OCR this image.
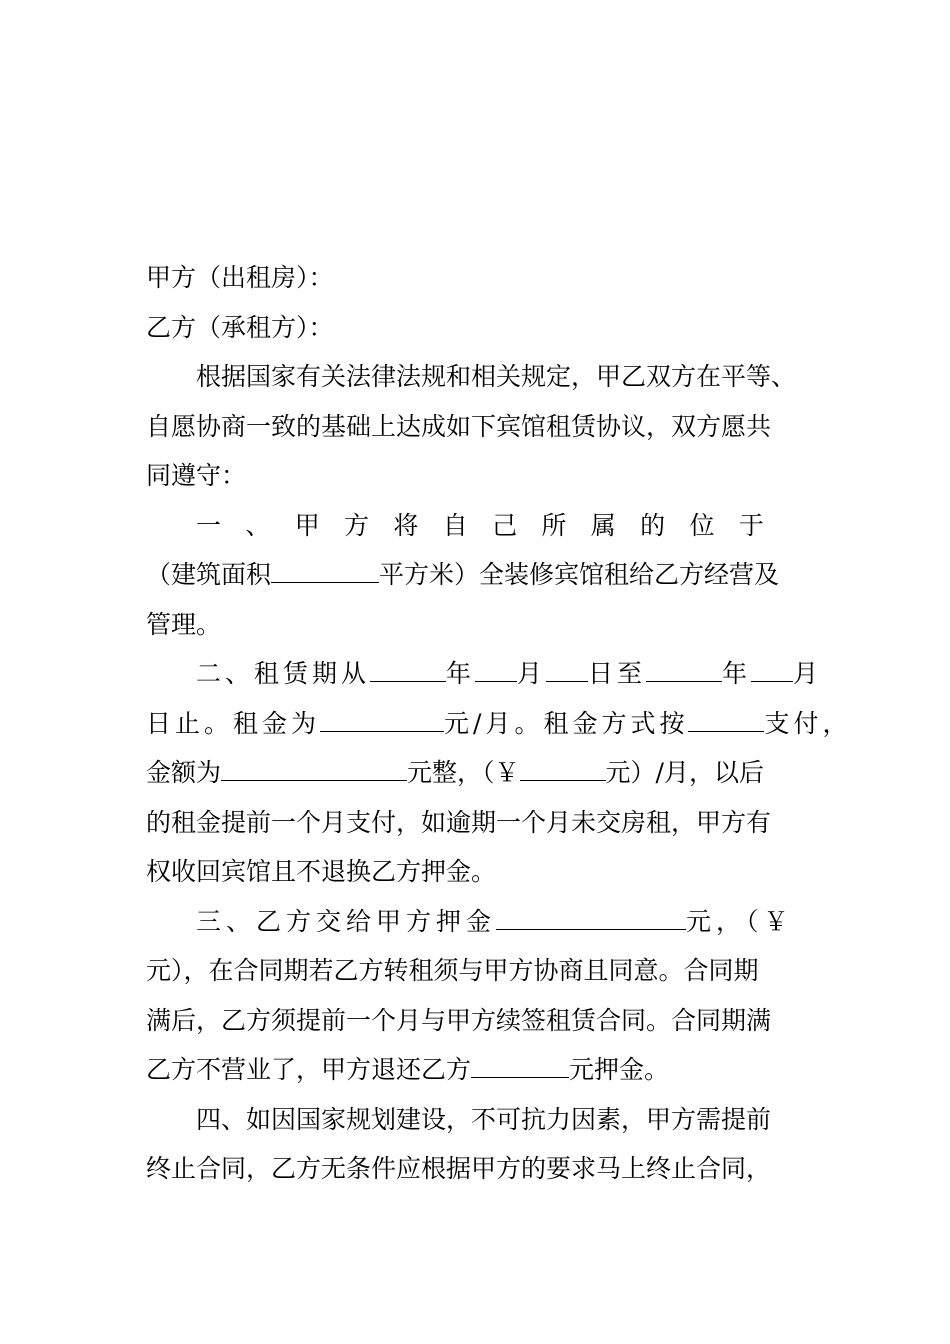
甲方（出租房）：
乙方（承租方）：
根据国家有关法律法规和相关规定，甲乙双方在平等、
自愿协商一致的基础上达成如下宾馆租赁协议，双方愿共
同遵守：
一 、 甲 方 将 自 己 所 属 的 位 于
（建筑面积	平方米）全装修宾馆租给乙方经营及
管理。
二、租赁期从	年 月 日至	年 月
日止。租金为	元/月。租金方式按	支付，
金额为	元整，（￥	元）/月，以后
的租金提前一个月支付，如逾期一个月未交房租，甲方有
权收回宾馆且不退换乙方押金。
三、乙方交给甲方押金	元，（￥
元），在合同期若乙方转租须与甲方协商且同意。合同期
满后，乙方须提前一个月与甲方续签租赁合同。合同期满
乙方不营业了，甲方退还乙方	元押金。
四、如因国家规划建设，不可抗力因素，甲方需提前
终止合同，乙方无条件应根据甲方的要求马上终止合同，
